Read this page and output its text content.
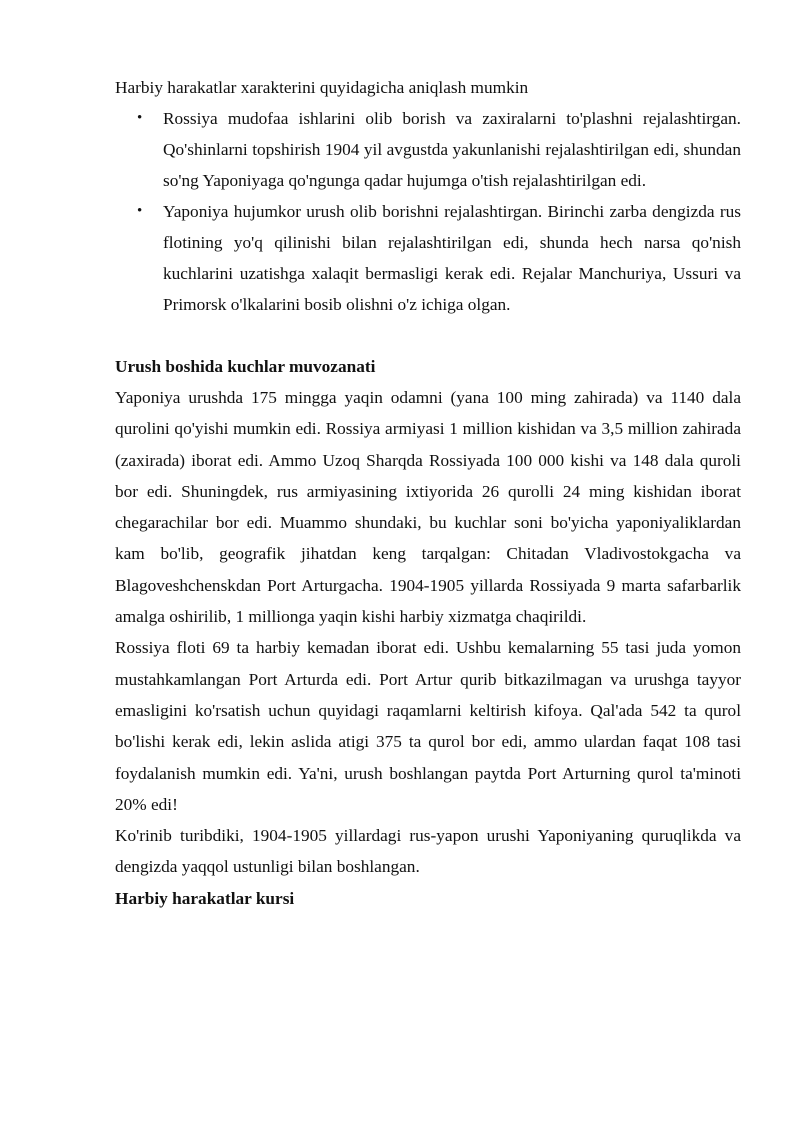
Harbiy harakatlar xarakterini quyidagicha aniqlash mumkin

• Rossiya mudofaa ishlarini olib borish va zaxiralarni to'plashni rejalashtirgan. Qo'shinlarni topshirish 1904 yil avgustda yakunlanishi rejalashtirilgan edi, shundan so'ng Yaponiyaga qo'ngunga qadar hujumga o'tish rejalashtirilgan edi.
• Yaponiya hujumkor urush olib borishni rejalashtirgan. Birinchi zarba dengizda rus flotining yo'q qilinishi bilan rejalashtirilgan edi, shunda hech narsa qo'nish kuchlarini uzatishga xalaqit bermasligi kerak edi. Rejalar Manchuriya, Ussuri va Primorsk o'lkalarini bosib olishni o'z ichiga olgan.
Urush boshida kuchlar muvozanati

Yaponiya urushda 175 mingga yaqin odamni (yana 100 ming zahirada) va 1140 dala qurolini qo'yishi mumkin edi. Rossiya armiyasi 1 million kishidan va 3,5 million zahirada (zaxirada) iborat edi. Ammo Uzoq Sharqda Rossiyada 100 000 kishi va 148 dala quroli bor edi. Shuningdek, rus armiyasining ixtiyorida 26 qurolli 24 ming kishidan iborat chegarachilar bor edi. Muammo shundaki, bu kuchlar soni bo'yicha yaponiyaliklardan kam bo'lib, geografik jihatdan keng tarqalgan: Chitadan Vladivostokgacha va Blagoveshchenskdan Port Arturgacha. 1904-1905 yillarda Rossiyada 9 marta safarbarlik amalga oshirilib, 1 millionga yaqin kishi harbiy xizmatga chaqirildi.

Rossiya floti 69 ta harbiy kemadan iborat edi. Ushbu kemalarning 55 tasi juda yomon mustahkamlangan Port Arturda edi. Port Artur qurib bitkazilmagan va urushga tayyor emasligini ko'rsatish uchun quyidagi raqamlarni keltirish kifoya. Qal'ada 542 ta qurol bo'lishi kerak edi, lekin aslida atigi 375 ta qurol bor edi, ammo ulardan faqat 108 tasi foydalanish mumkin edi. Ya'ni, urush boshlangan paytda Port Arturning qurol ta'minoti 20% edi!

Ko'rinib turibdiki, 1904-1905 yillardagi rus-yapon urushi Yaponiyaning quruqlikda va dengizda yaqqol ustunligi bilan boshlangan.

Harbiy harakatlar kursi
